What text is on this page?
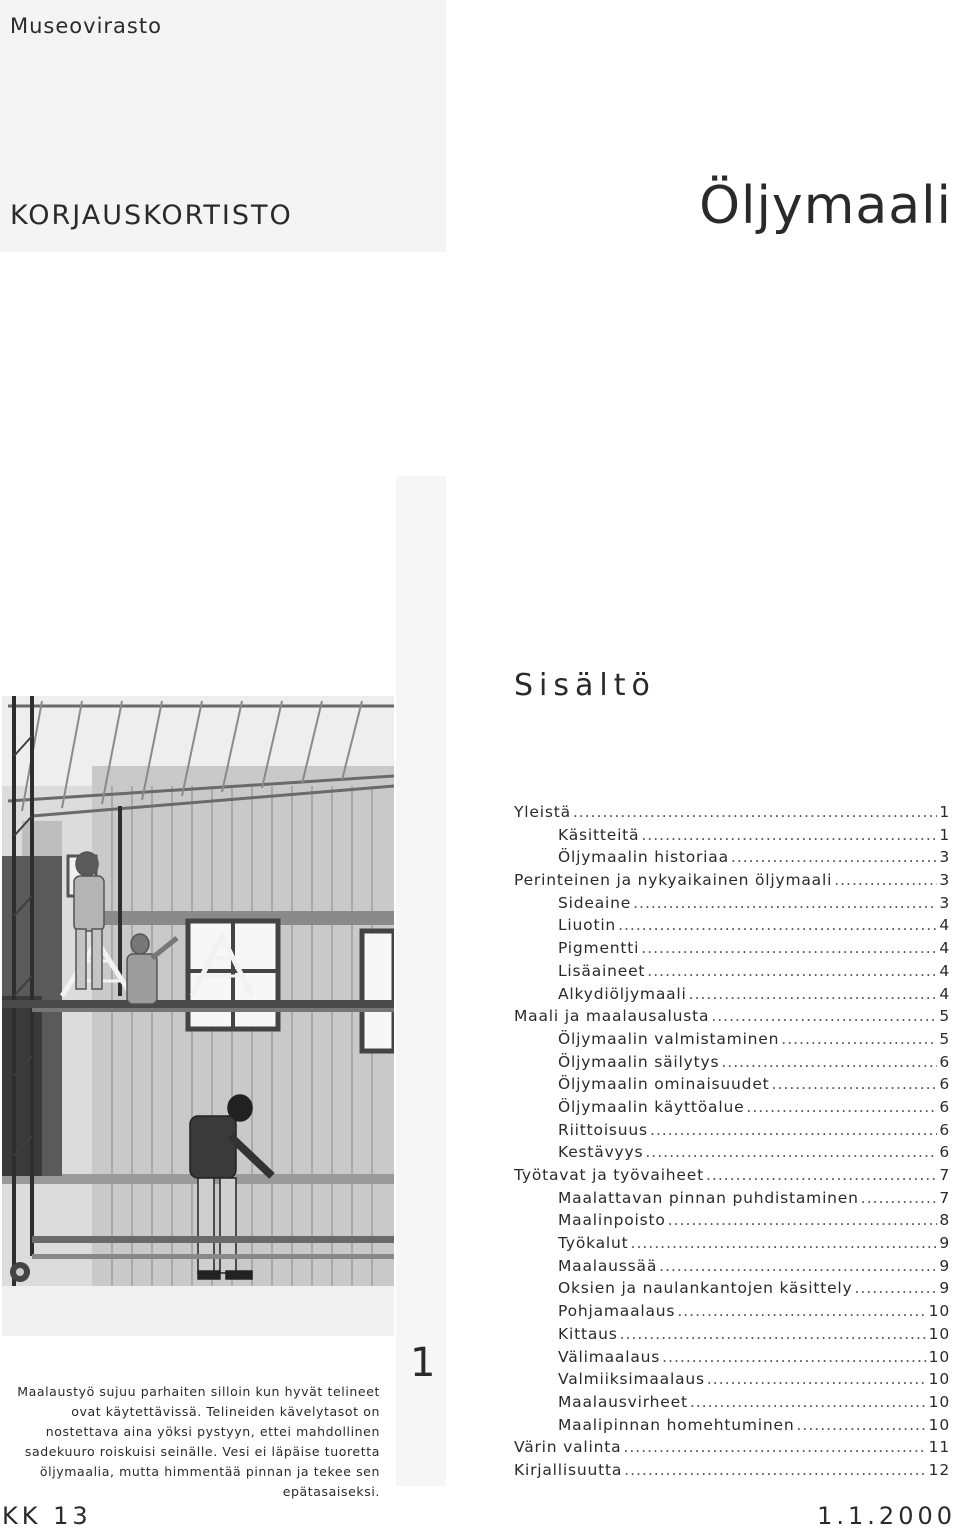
Museovirasto
KORJAUSKORTISTO	Öljymaali
Sisältö
Maalaustyö sujuu parhaiten silloin kun hyvät telineet ovat käytettävissä. Telineiden kävelytasot on nostettava aina yöksi pystyyn, ettei mahdollinen sadekuuro roiskuisi seinälle. Vesi ei läpäise tuoretta öljymaalia, mutta himmentää pinnan ja tekee sen epätasaiseksi.
1
Yleistä .....	1
Käsitteitä .....	1
Öljymaalin historiaa .....	3
Perinteinen ja nykyaikainen öljymaali .....	3
Sideaine .....	3
Liuotin .....	4
Pigmentti .....	4
Lisäaineet .....	4
Alkydiöljymaali .....	4
Maali ja maalausalusta .....	5
Öljymaalin valmistaminen .....	5
Öljymaalin säilytys .....	6
Öljymaalin ominaisuudet .....	6
Öljymaalin käyttöalue .....	6
Riittoisuus .....	6
Kestävyys .....	6
Työtavat ja työvaiheet .....	7
Maalattavan pinnan puhdistaminen .....	7
Maalinpoisto .....	8
Työkalut .....	9
Maalaussää .....	9
Oksien ja naulankantojen käsittely .....	9
Pohjamaalaus .....	10
Kittaus .....	10
Välimaalaus .....	10
Valmiiksimaalaus .....	10
Maalausvirheet .....	10
Maalipinnan homehtuminen .....	10
Värin valinta .....	11
Kirjallisuutta .....	12
KK 13	1.1.2000
